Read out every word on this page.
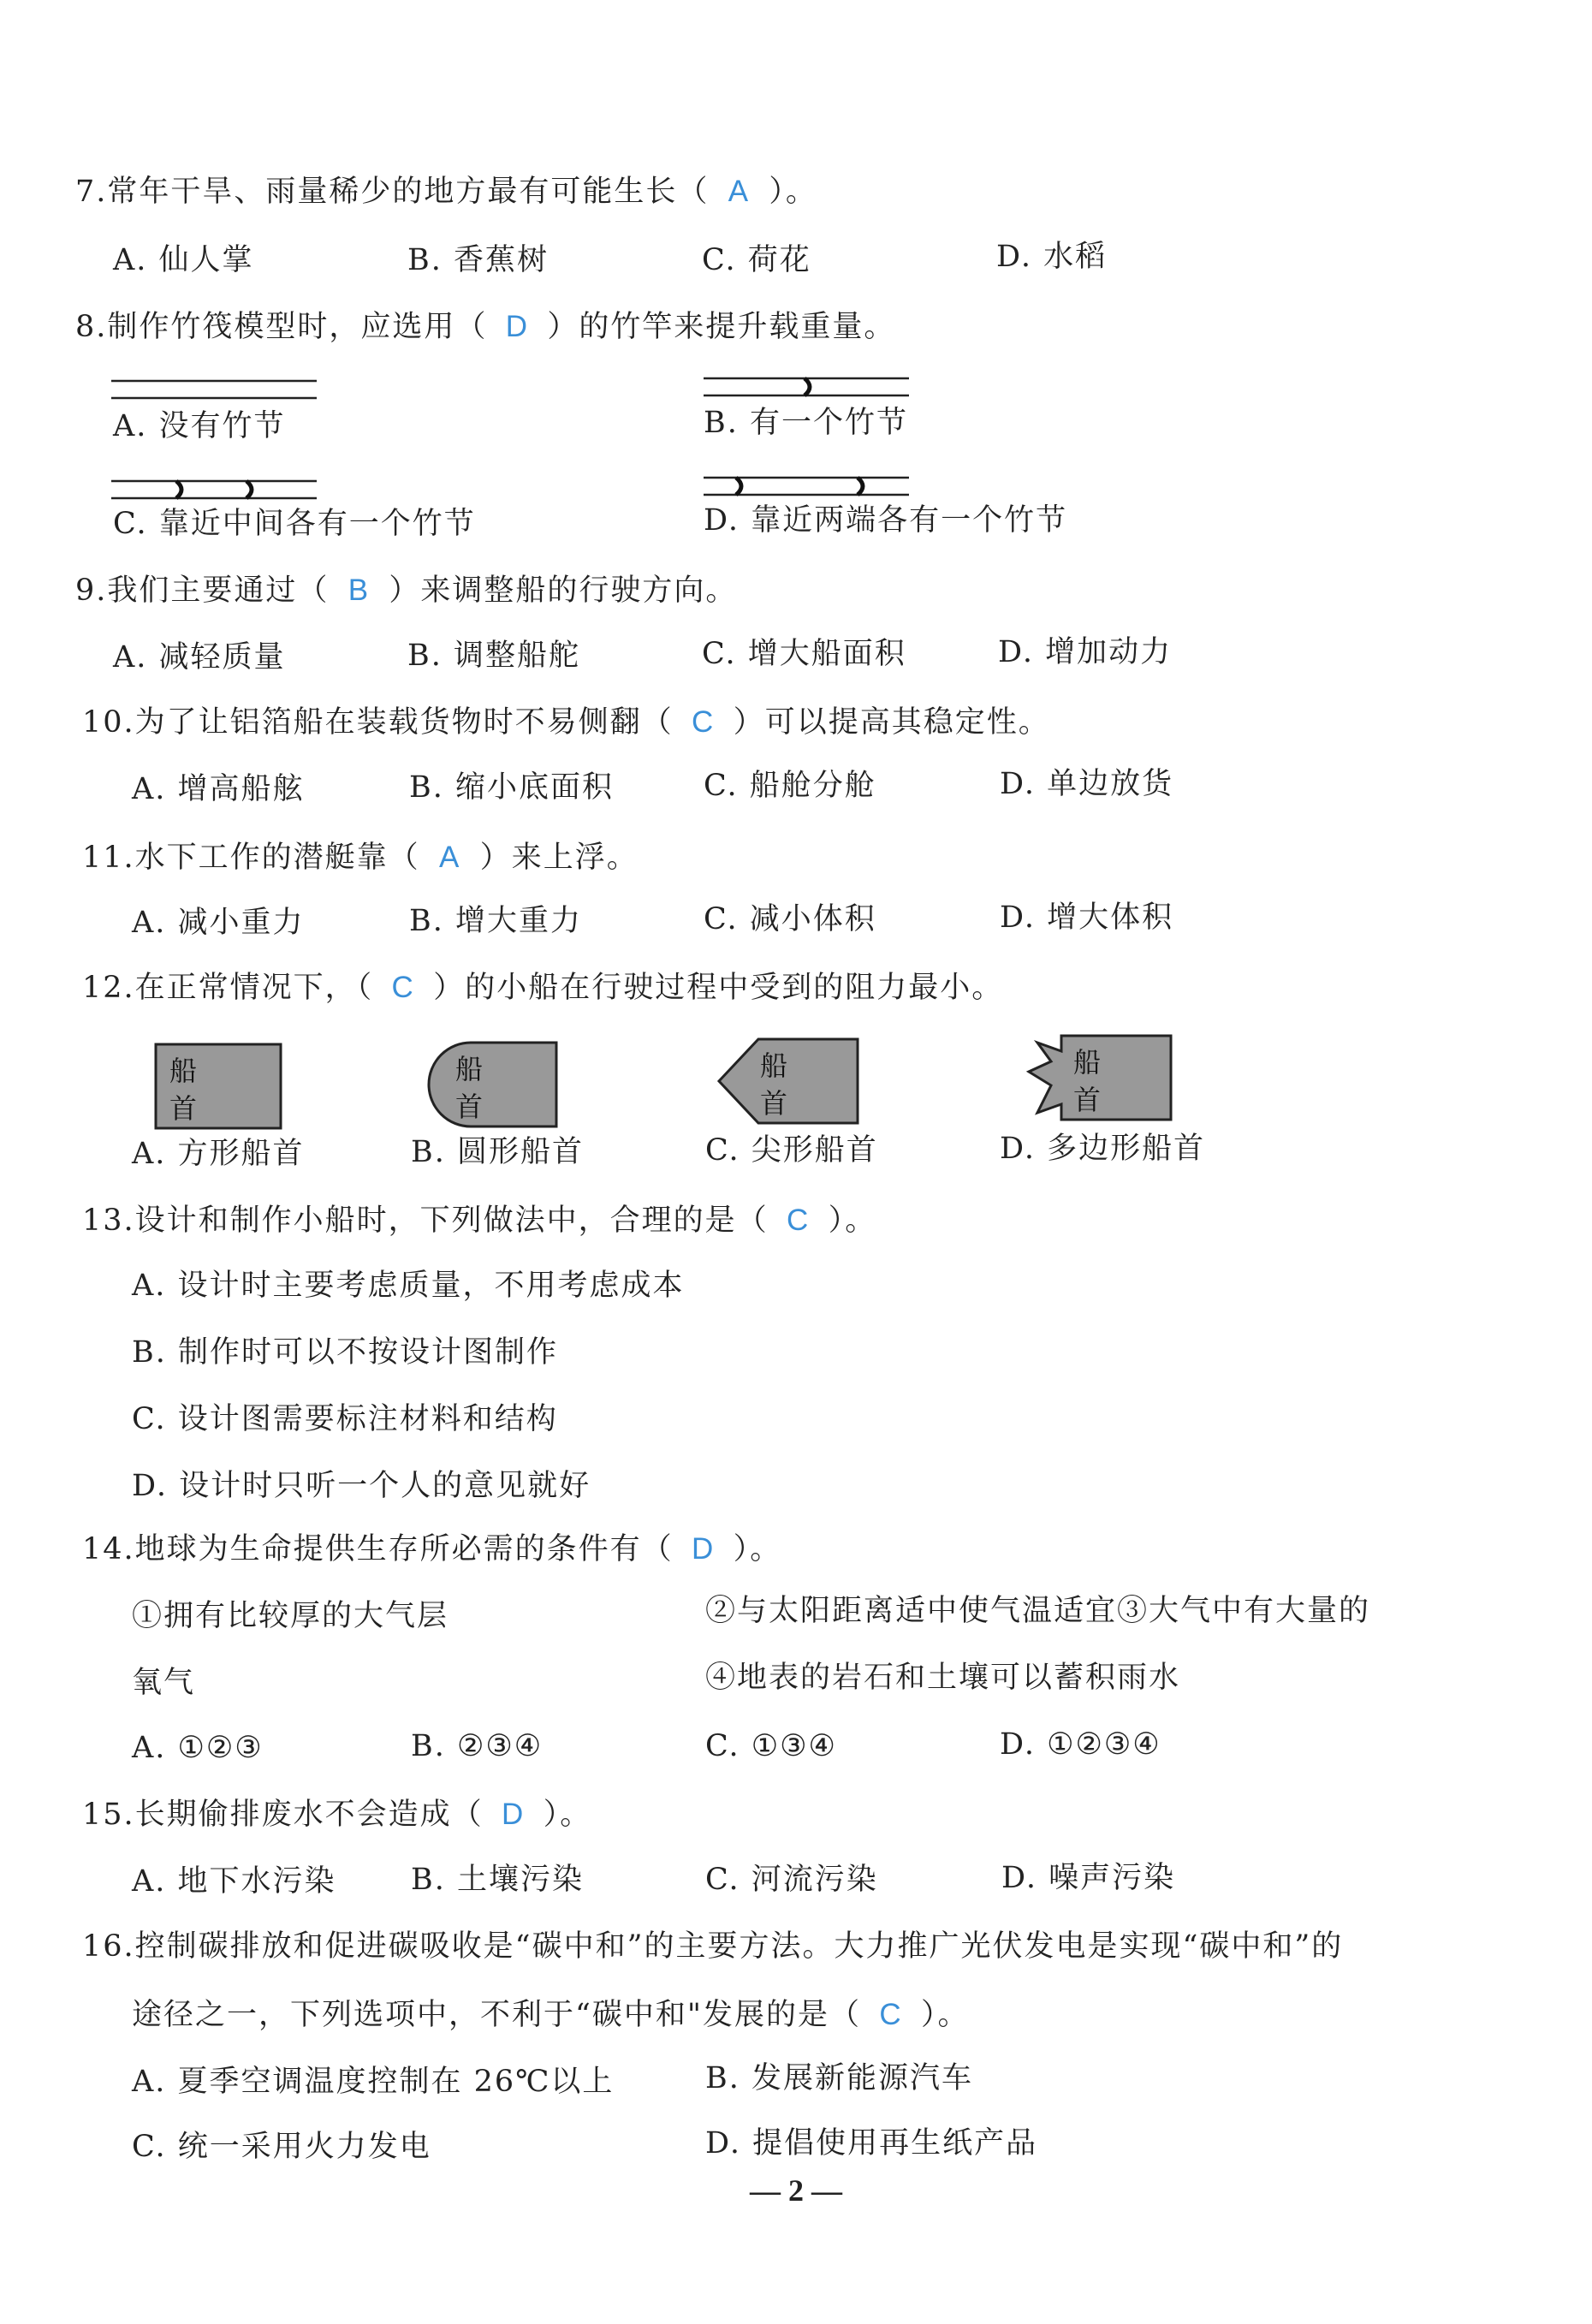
7.常年干旱、雨量稀少的地方最有可能生长（ A ）。
A. 仙人掌	B. 香蕉树	C. 荷花	D. 水稻
8.制作竹筏模型时，应选用（ D ）的竹竿来提升载重量。
A. 没有竹节	B. 有一个竹节
C. 靠近中间各有一个竹节	D. 靠近两端各有一个竹节
9.我们主要通过（ B ）来调整船的行驶方向。
A. 减轻质量	B. 调整船舵	C. 增大船面积	D. 增加动力
10.为了让铝箔船在装载货物时不易侧翻（ C ）可以提高其稳定性。
A. 增高船舷	B. 缩小底面积	C. 船舱分舱	D. 单边放货
11.水下工作的潜艇靠（ A ）来上浮。
A. 减小重力	B. 增大重力	C. 减小体积	D. 增大体积
12.在正常情况下，（ C ）的小船在行驶过程中受到的阻力最小。
船
首
船
首
船
首
船
首
A. 方形船首	B. 圆形船首	C. 尖形船首	D. 多边形船首
13.设计和制作小船时，下列做法中，合理的是（ C ）。
A. 设计时主要考虑质量，不用考虑成本
B. 制作时可以不按设计图制作
C. 设计图需要标注材料和结构
D. 设计时只听一个人的意见就好
14.地球为生命提供生存所必需的条件有（ D ）。
①拥有比较厚的大气层	②与太阳距离适中使气温适宜③大气中有大量的
氧气	④地表的岩石和土壤可以蓄积雨水
A. ①②③	B. ②③④	C. ①③④	D. ①②③④
15.长期偷排废水不会造成（ D ）。
A. 地下水污染 B. 土壤污染	C. 河流污染	D. 噪声污染
16.控制碳排放和促进碳吸收是“碳中和”的主要方法。大力推广光伏发电是实现“碳中和”的
途径之一，下列选项中，不利于“碳中和"发展的是（ C ）。
A. 夏季空调温度控制在 26℃以上	B. 发展新能源汽车
C. 统一采用火力发电	D. 提倡使用再生纸产品
— 2 —
